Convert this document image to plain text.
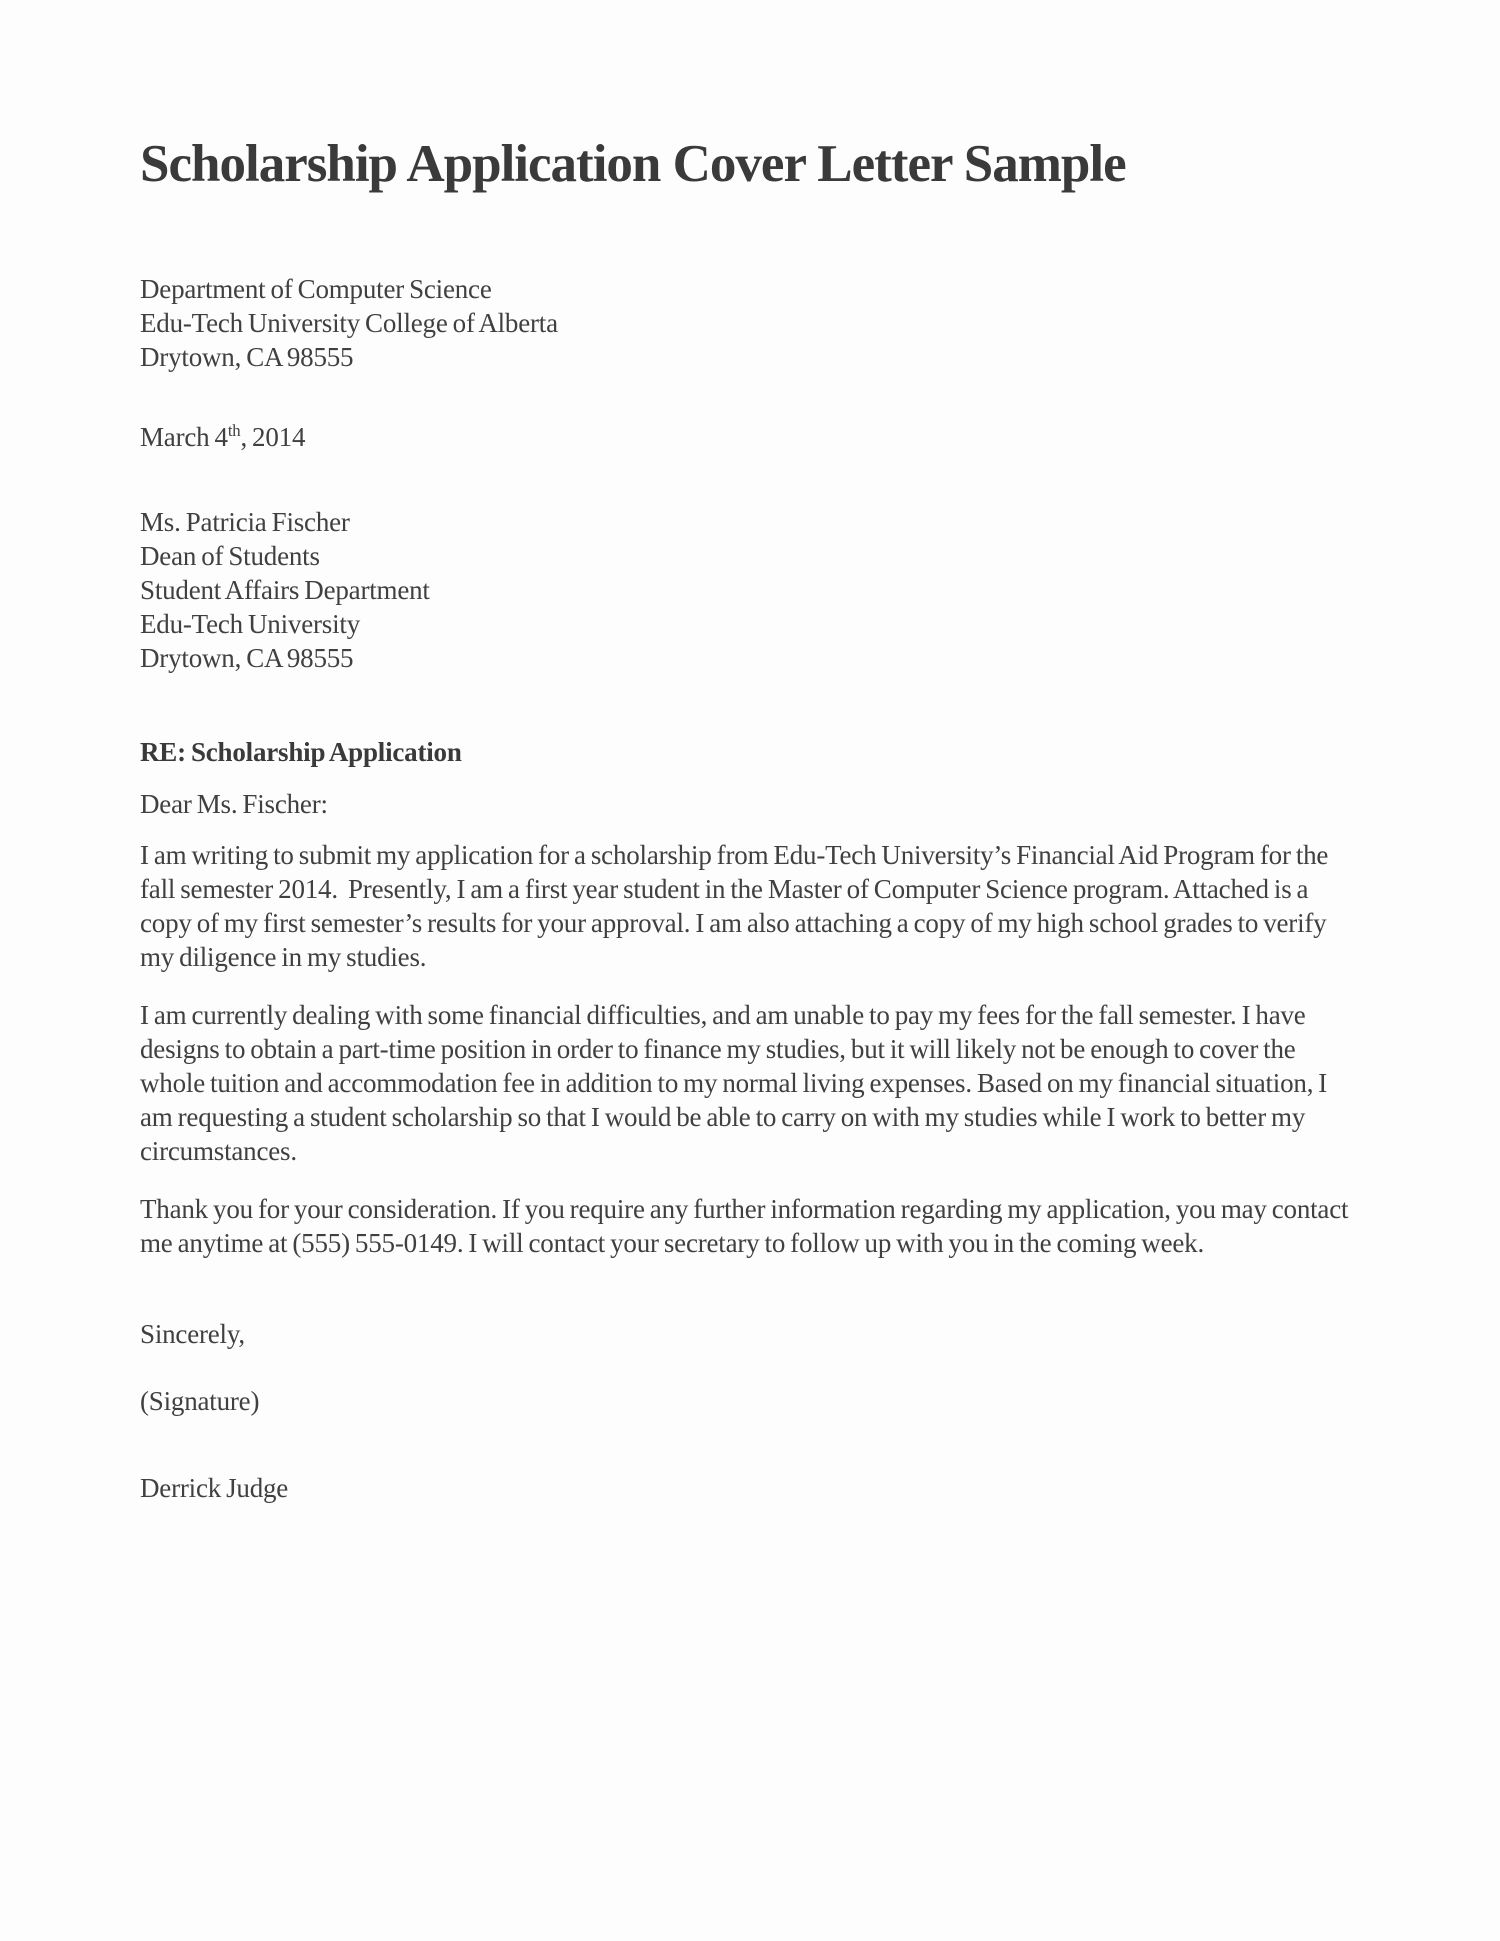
Scholarship Application Cover Letter Sample
Department of Computer Science
Edu-Tech University College of Alberta
Drytown, CA 98555
March 4th, 2014
Ms. Patricia Fischer
Dean of Students
Student Affairs Department
Edu-Tech University
Drytown, CA 98555
RE: Scholarship Application
Dear Ms. Fischer:

I am writing to submit my application for a scholarship from Edu-Tech University’s Financial Aid Program for the fall semester 2014.  Presently, I am a first year student in the Master of Computer Science program. Attached is a copy of my first semester’s results for your approval. I am also attaching a copy of my high school grades to verify my diligence in my studies.

I am currently dealing with some financial difficulties, and am unable to pay my fees for the fall semester. I have designs to obtain a part-time position in order to finance my studies, but it will likely not be enough to cover the whole tuition and accommodation fee in addition to my normal living expenses. Based on my financial situation, I am requesting a student scholarship so that I would be able to carry on with my studies while I work to better my circumstances.

Thank you for your consideration. If you require any further information regarding my application, you may contact me anytime at (555) 555-0149. I will contact your secretary to follow up with you in the coming week.

Sincerely,
(Signature)
Derrick Judge
